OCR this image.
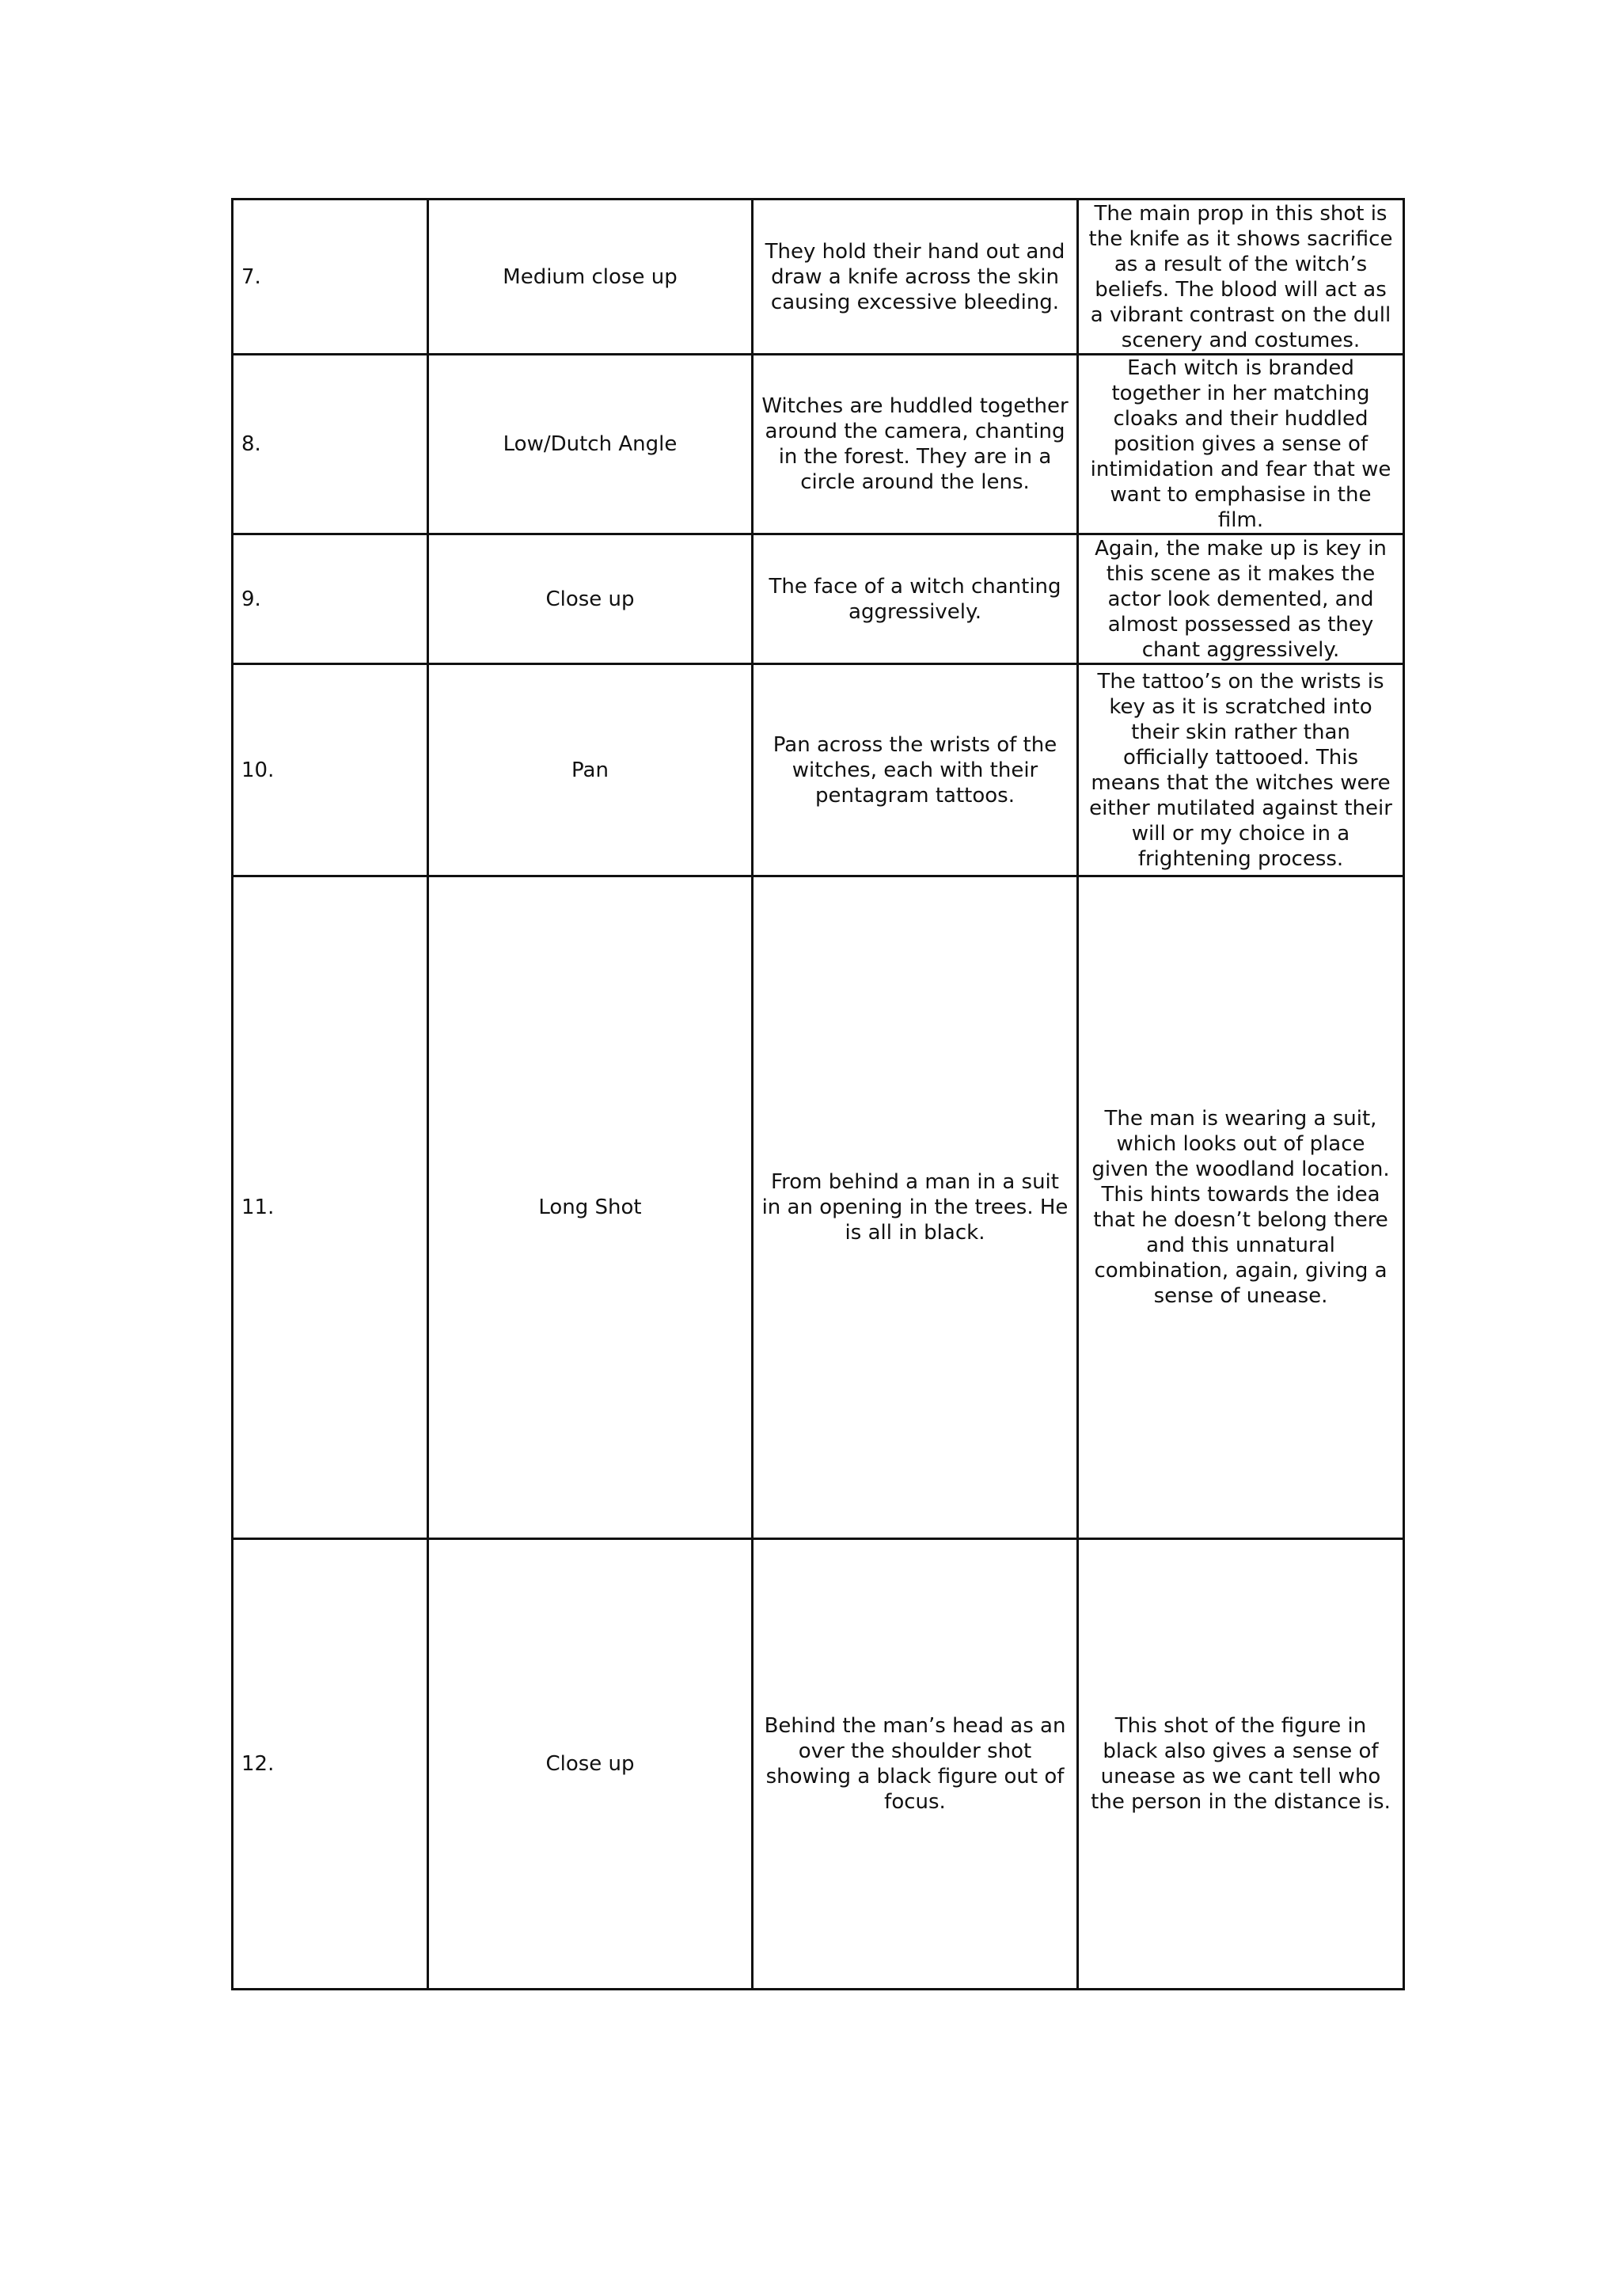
7.	Medium close up	They hold their hand out and draw a knife across the skin causing excessive bleeding.	The main prop in this shot is the knife as it shows sacrifice as a result of the witch’s beliefs. The blood will act as a vibrant contrast on the dull scenery and costumes.
8.	Low/Dutch Angle	Witches are huddled together around the camera, chanting in the forest. They are in a circle around the lens.	Each witch is branded together in her matching cloaks and their huddled position gives a sense of intimidation and fear that we want to emphasise in the film.
9.	Close up	The face of a witch chanting aggressively.	Again, the make up is key in this scene as it makes the actor look demented, and almost possessed as they chant aggressively.
10.	Pan	Pan across the wrists of the witches, each with their pentagram tattoos.	The tattoo’s on the wrists is key as it is scratched into their skin rather than officially tattooed. This means that the witches were either mutilated against their will or my choice in a frightening process.
11.	Long Shot	From behind a man in a suit in an opening in the trees. He is all in black.	The man is wearing a suit, which looks out of place given the woodland location. This hints towards the idea that he doesn’t belong there and this unnatural combination, again, giving a sense of unease.
12.	Close up	Behind the man’s head as an over the shoulder shot showing a black figure out of focus.	This shot of the figure in black also gives a sense of unease as we cant tell who the person in the distance is.
